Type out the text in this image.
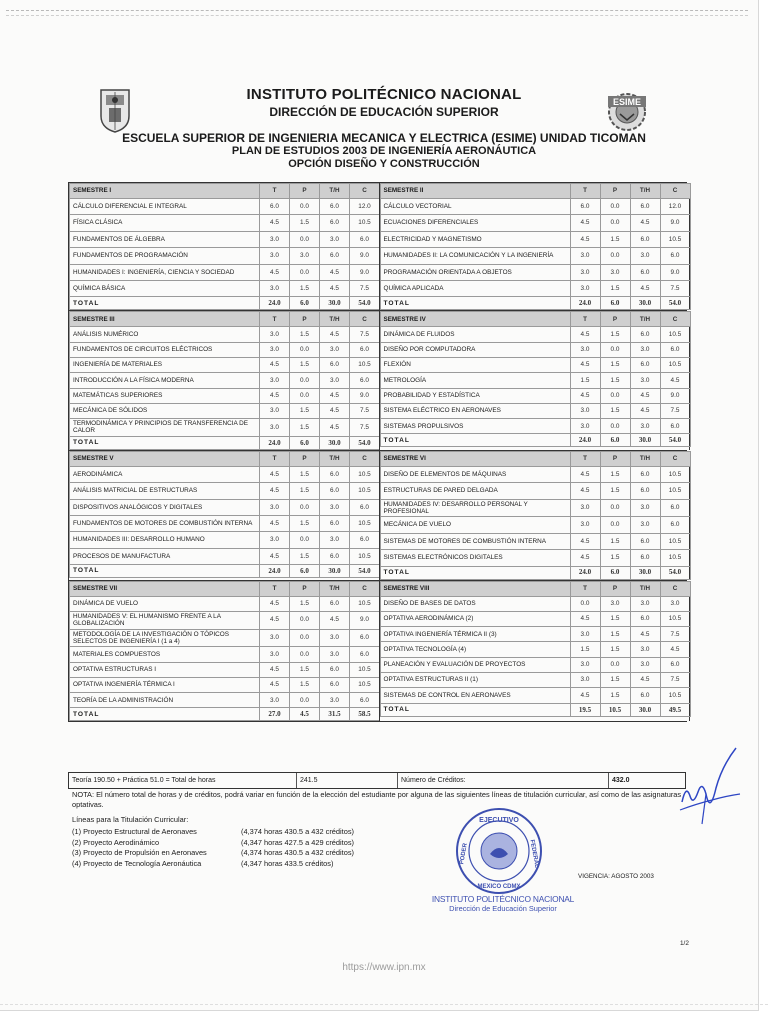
ESIME
INSTITUTO POLITÉCNICO NACIONAL
DIRECCIÓN DE EDUCACIÓN SUPERIOR
ESCUELA SUPERIOR DE INGENIERIA MECANICA Y ELECTRICA (ESIME) UNIDAD TICOMAN
PLAN DE ESTUDIOS 2003 DE INGENIERÍA AERONÁUTICA
OPCIÓN DISEÑO Y CONSTRUCCIÓN
SEMESTRE I	T	P	T/H	C
CÁLCULO DIFERENCIAL E INTEGRAL	6.0	0.0	6.0	12.0
FÍSICA CLÁSICA	4.5	1.5	6.0	10.5
FUNDAMENTOS DE ÁLGEBRA	3.0	0.0	3.0	6.0
FUNDAMENTOS DE PROGRAMACIÓN	3.0	3.0	6.0	9.0
HUMANIDADES I: INGENIERÍA, CIENCIA Y SOCIEDAD	4.5	0.0	4.5	9.0
QUÍMICA BÁSICA	3.0	1.5	4.5	7.5
TOTAL	24.0	6.0	30.0	54.0
SEMESTRE II	T	P	T/H	C
CÁLCULO VECTORIAL	6.0	0.0	6.0	12.0
ECUACIONES DIFERENCIALES	4.5	0.0	4.5	9.0
ELECTRICIDAD Y MAGNETISMO	4.5	1.5	6.0	10.5
HUMANIDADES II: LA COMUNICACIÓN Y LA INGENIERÍA	3.0	0.0	3.0	6.0
PROGRAMACIÓN ORIENTADA A OBJETOS	3.0	3.0	6.0	9.0
QUÍMICA APLICADA	3.0	1.5	4.5	7.5
TOTAL	24.0	6.0	30.0	54.0
SEMESTRE III	T	P	T/H	C
ANÁLISIS NUMÉRICO	3.0	1.5	4.5	7.5
FUNDAMENTOS DE CIRCUITOS ELÉCTRICOS	3.0	0.0	3.0	6.0
INGENIERÍA DE MATERIALES	4.5	1.5	6.0	10.5
INTRODUCCIÓN A LA FÍSICA MODERNA	3.0	0.0	3.0	6.0
MATEMÁTICAS SUPERIORES	4.5	0.0	4.5	9.0
MECÁNICA DE SÓLIDOS	3.0	1.5	4.5	7.5
TERMODINÁMICA Y PRINCIPIOS DE TRANSFERENCIA DE CALOR	3.0	1.5	4.5	7.5
TOTAL	24.0	6.0	30.0	54.0
SEMESTRE IV	T	P	T/H	C
DINÁMICA DE FLUIDOS	4.5	1.5	6.0	10.5
DISEÑO POR COMPUTADORA	3.0	0.0	3.0	6.0
FLEXIÓN	4.5	1.5	6.0	10.5
METROLOGÍA	1.5	1.5	3.0	4.5
PROBABILIDAD Y ESTADÍSTICA	4.5	0.0	4.5	9.0
SISTEMA ELÉCTRICO EN AERONAVES	3.0	1.5	4.5	7.5
SISTEMAS PROPULSIVOS	3.0	0.0	3.0	6.0
TOTAL	24.0	6.0	30.0	54.0
SEMESTRE V	T	P	T/H	C
AERODINÁMICA	4.5	1.5	6.0	10.5
ANÁLISIS MATRICIAL DE ESTRUCTURAS	4.5	1.5	6.0	10.5
DISPOSITIVOS ANALÓGICOS Y DIGITALES	3.0	0.0	3.0	6.0
FUNDAMENTOS DE MOTORES DE COMBUSTIÓN INTERNA	4.5	1.5	6.0	10.5
HUMANIDADES III: DESARROLLO HUMANO	3.0	0.0	3.0	6.0
PROCESOS DE MANUFACTURA	4.5	1.5	6.0	10.5
TOTAL	24.0	6.0	30.0	54.0
SEMESTRE VI	T	P	T/H	C
DISEÑO DE ELEMENTOS DE MÁQUINAS	4.5	1.5	6.0	10.5
ESTRUCTURAS DE PARED DELGADA	4.5	1.5	6.0	10.5
HUMANIDADES IV: DESARROLLO PERSONAL Y PROFESIONAL	3.0	0.0	3.0	6.0
MECÁNICA DE VUELO	3.0	0.0	3.0	6.0
SISTEMAS DE MOTORES DE COMBUSTIÓN INTERNA	4.5	1.5	6.0	10.5
SISTEMAS ELECTRÓNICOS DIGITALES	4.5	1.5	6.0	10.5
TOTAL	24.0	6.0	30.0	54.0
SEMESTRE VII	T	P	T/H	C
DINÁMICA DE VUELO	4.5	1.5	6.0	10.5
HUMANIDADES V: EL HUMANISMO FRENTE A LA GLOBALIZACIÓN	4.5	0.0	4.5	9.0
METODOLOGÍA DE LA INVESTIGACIÓN O TÓPICOS SELECTOS DE INGENIERÍA I (1 a 4)	3.0	0.0	3.0	6.0
MATERIALES COMPUESTOS	3.0	0.0	3.0	6.0
OPTATIVA ESTRUCTURAS I	4.5	1.5	6.0	10.5
OPTATIVA INGENIERÍA TÉRMICA I	4.5	1.5	6.0	10.5
TEORÍA DE LA ADMINISTRACIÓN	3.0	0.0	3.0	6.0
TOTAL	27.0	4.5	31.5	58.5
SEMESTRE VIII	T	P	T/H	C
DISEÑO DE BASES DE DATOS	0.0	3.0	3.0	3.0
OPTATIVA AERODINÁMICA (2)	4.5	1.5	6.0	10.5
OPTATIVA INGENIERÍA TÉRMICA II (3)	3.0	1.5	4.5	7.5
OPTATIVA TECNOLOGÍA (4)	1.5	1.5	3.0	4.5
PLANEACIÓN Y EVALUACIÓN DE PROYECTOS	3.0	0.0	3.0	6.0
OPTATIVA ESTRUCTURAS II (1)	3.0	1.5	4.5	7.5
SISTEMAS DE CONTROL EN AERONAVES	4.5	1.5	6.0	10.5
TOTAL	19.5	10.5	30.0	49.5
Teoría 190.50 + Práctica 51.0 = Total de horas	241.5	Número de Créditos:	432.0
NOTA: El número total de horas y de créditos, podrá variar en función de la elección del estudiante por alguna de las siguientes líneas de titulación curricular, así como de las asignaturas optativas.
Líneas para la Titulación Curricular:
(1) Proyecto Estructural de Aeronaves	(4,374 horas 430.5 a 432 créditos)
(2) Proyecto Aerodinámico	(4,347 horas 427.5 a 429 créditos)
(3) Proyecto de Propulsión en Aeronaves	(4,374 horas 430.5 a 432 créditos)
(4) Proyecto de Tecnología Aeronáutica	(4,347 horas 433.5 créditos)
EJECUTIVO
PODER	FEDERAL
MEXICO CDMX
VIGENCIA: AGOSTO 2003
INSTITUTO POLITÉCNICO NACIONAL
Dirección de Educación Superior
1/2
https://www.ipn.mx
